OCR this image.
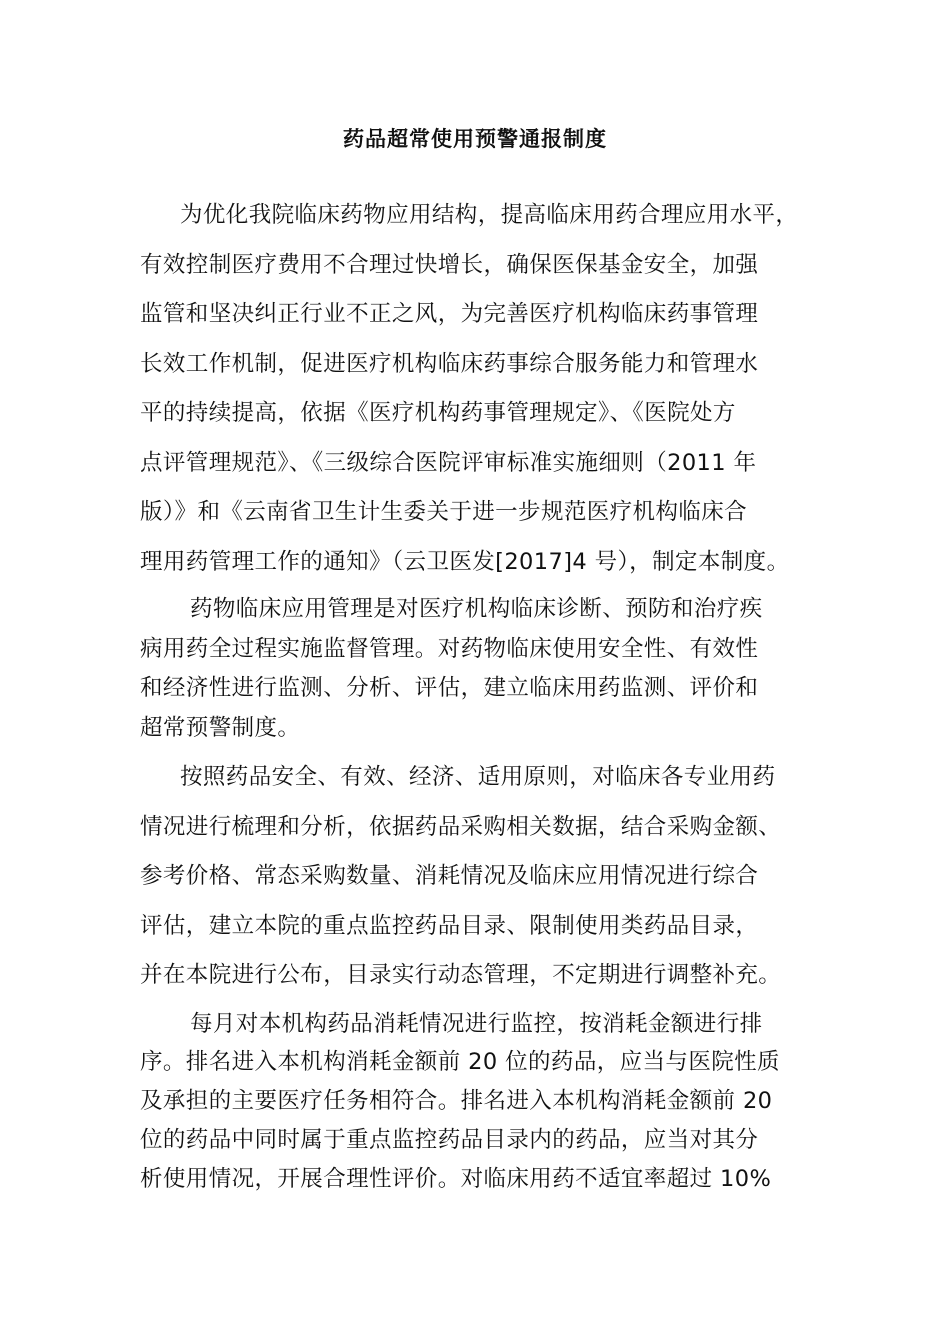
药品超常使用预警通报制度
为优化我院临床药物应用结构，提高临床用药合理应用水平，
有效控制医疗费用不合理过快增长，确保医保基金安全，加强
监管和坚决纠正行业不正之风，为完善医疗机构临床药事管理
长效工作机制，促进医疗机构临床药事综合服务能力和管理水
平的持续提高，依据《医疗机构药事管理规定》、《医院处方
点评管理规范》、《三级综合医院评审标准实施细则（2011 年
版）》和《云南省卫生计生委关于进一步规范医疗机构临床合
理用药管理工作的通知》（云卫医发[2017]4 号），制定本制度。
药物临床应用管理是对医疗机构临床诊断、预防和治疗疾
病用药全过程实施监督管理。对药物临床使用安全性、有效性
和经济性进行监测、分析、评估，建立临床用药监测、评价和
超常预警制度。
按照药品安全、有效、经济、适用原则，对临床各专业用药
情况进行梳理和分析，依据药品采购相关数据，结合采购金额、
参考价格、常态采购数量、消耗情况及临床应用情况进行综合
评估，建立本院的重点监控药品目录、限制使用类药品目录，
并在本院进行公布，目录实行动态管理，不定期进行调整补充。
每月对本机构药品消耗情况进行监控，按消耗金额进行排
序。排名进入本机构消耗金额前 20 位的药品，应当与医院性质
及承担的主要医疗任务相符合。排名进入本机构消耗金额前 20
位的药品中同时属于重点监控药品目录内的药品，应当对其分
析使用情况，开展合理性评价。对临床用药不适宜率超过 10%
